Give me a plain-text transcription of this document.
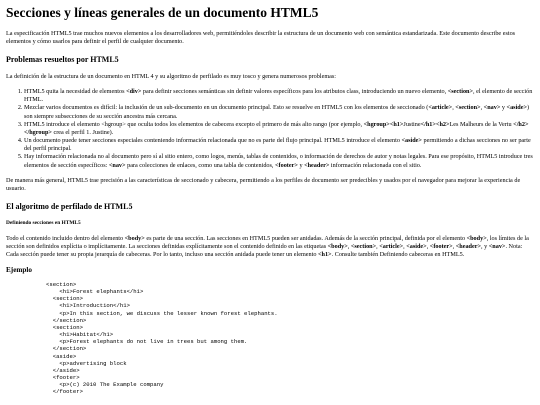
Secciones y líneas generales de un documento HTML5

La especificación HTML5 trae muchos nuevos elementos a los desarrolladores web, permitiéndoles describir la estructura de un documento web con semántica estandarizada. Este documento describe estos elementos y cómo usarlos para definir el perfil de cualquier documento.

Problemas resueltos por HTML5

La definición de la estructura de un documento en HTML 4 y su algoritmo de perfilado es muy tosco y genera numerosos problemas:

1. HTML5 quita la necesidad de elementos <div> para definir secciones semánticas sin definir valores específicos para los atributos class, introduciendo un nuevo elemento, <section>, el elemento de sección HTML.
2. Mezclar varios documentos es difícil: la inclusión de un sub-documento en un documento principal. Esto se resuelve en HTML5 con los elementos de seccionado (<article>, <section>, <nav> y <aside>) son siempre subsecciones de su sección ancestra más cercana.
3. HTML5 introduce el elemento <hgroup> que oculta todos los elementos de cabecera excepto el primero de más alto rango (por ejemplo, <hgroup><h1>Justine</h1><h2>Les Malheurs de la Vertu </h2></hgroup> crea el perfil 1. Justine).
4. Un documento puede tener secciones especiales conteniendo información relacionada que no es parte del flujo principal. HTML5 introduce el elemento <aside> permitiendo a dichas secciones no ser parte del perfil principal.
5. Hay información relacionada no al documento pero sí al sitio entero, como logos, menús, tablas de contenidos, o información de derechos de autor y notas legales. Para ese propósito, HTML5 introduce tres elementos de sección específicos: <nav> para colecciones de enlaces, como una tabla de contenidos, <footer> y <header> información relacionada con el sitio.

De manera más general, HTML5 trae precisión a las características de seccionado y cabecera, permitiendo a los perfiles de documento ser predecibles y usados por el navegador para mejorar la experiencia de usuario.

El algoritmo de perfilado de HTML5
Definiendo secciones en HTML5

Todo el contenido incluido dentro del elemento <body> es parte de una sección. Las secciones en HTML5 pueden ser anidadas. Además de la sección principal, definida por el elemento <body>, los límites de la sección son definidos explícita o implícitamente. La secciones definidas explícitamente son el contenido definido en las etiquetas <body>, <section>, <article>, <aside>, <footer>, <header>, y <nav>. Nota: Cada sección puede tener su propia jerarquía de cabeceras. Por lo tanto, incluso una sección anidada puede tener un elemento <h1>. Consulte también Definiendo cabeceras en HTML5.

Ejemplo
<section>
<h1>Forest elephants</h1>
<section>
<h1>Introduction</h1>
<p>In this section, we discuss the lesser known forest elephants.
</section>
<section>
<h1>Habitat</h1>
<p>Forest elephants do not live in trees but among them.
</section>
<aside>
<p>advertising block
</aside>
<footer>
<p>(c) 2010 The Example company
</footer>
